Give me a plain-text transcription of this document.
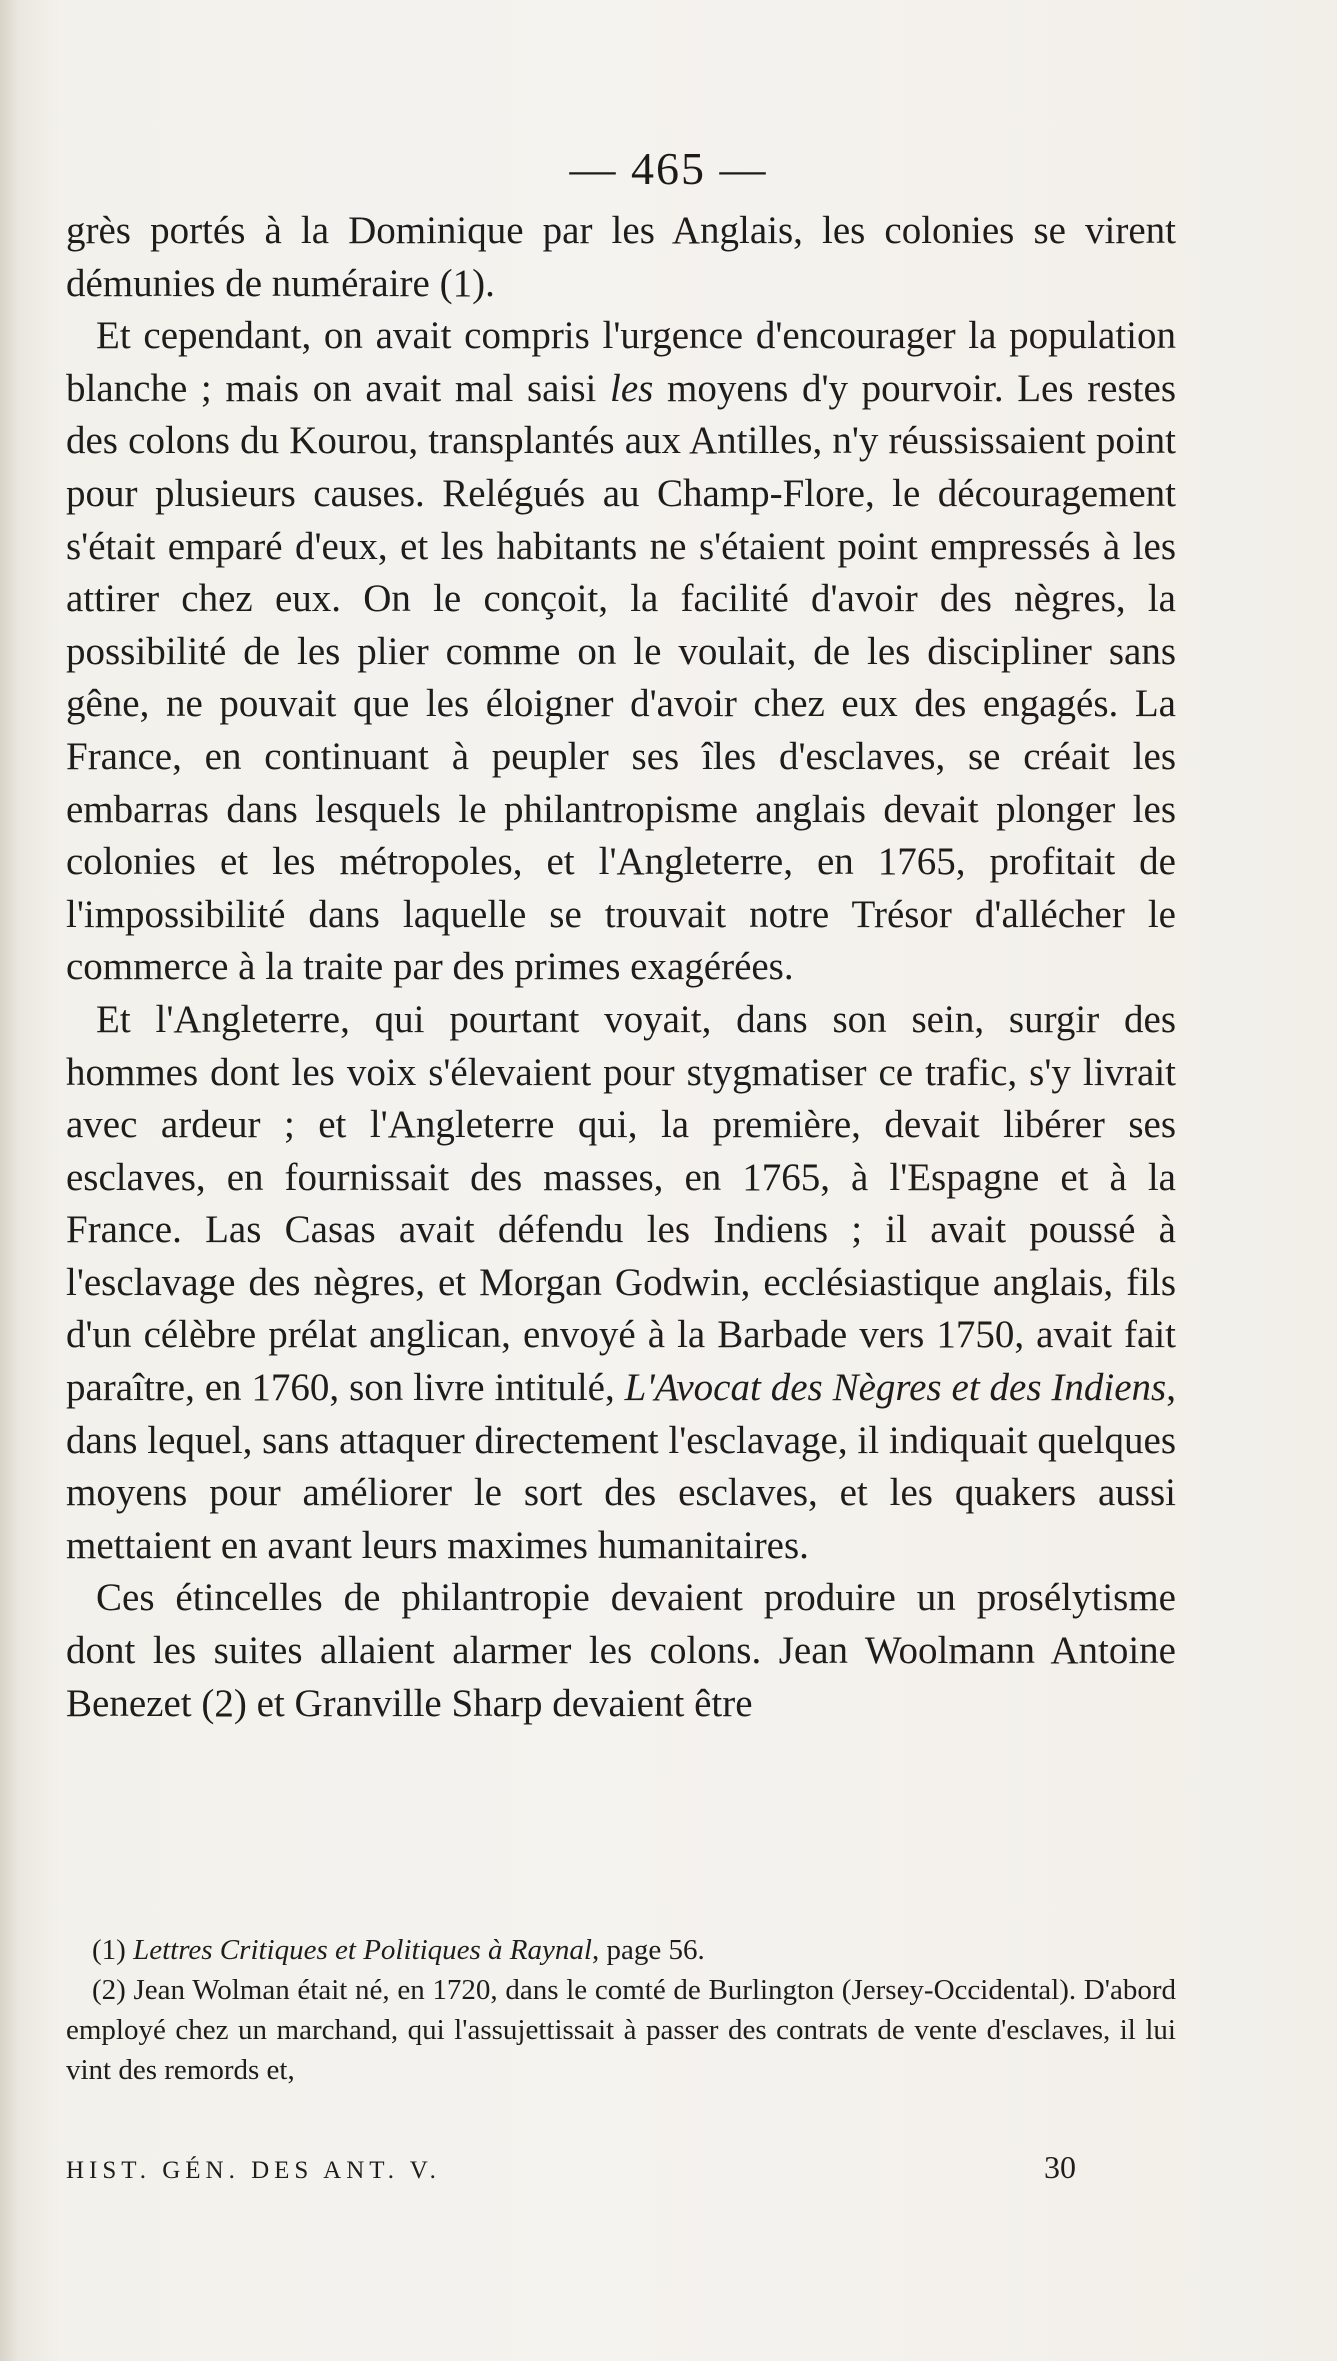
— 465 —

grès portés à la Dominique par les Anglais, les colonies se virent démunies de numéraire (1).

Et cependant, on avait compris l'urgence d'encourager la population blanche ; mais on avait mal saisi les moyens d'y pourvoir. Les restes des colons du Kourou, transplantés aux Antilles, n'y réussissaient point pour plusieurs causes. Relégués au Champ-Flore, le découragement s'était emparé d'eux, et les habitants ne s'étaient point empressés à les attirer chez eux. On le conçoit, la facilité d'avoir des nègres, la possibilité de les plier comme on le voulait, de les discipliner sans gêne, ne pouvait que les éloigner d'avoir chez eux des engagés. La France, en continuant à peupler ses îles d'esclaves, se créait les embarras dans lesquels le philantropisme anglais devait plonger les colonies et les métropoles, et l'Angleterre, en 1765, profitait de l'impossibilité dans laquelle se trouvait notre Trésor d'allécher le commerce à la traite par des primes exagérées.

Et l'Angleterre, qui pourtant voyait, dans son sein, surgir des hommes dont les voix s'élevaient pour stygmatiser ce trafic, s'y livrait avec ardeur ; et l'Angleterre qui, la première, devait libérer ses esclaves, en fournissait des masses, en 1765, à l'Espagne et à la France. Las Casas avait défendu les Indiens ; il avait poussé à l'esclavage des nègres, et Morgan Godwin, ecclésiastique anglais, fils d'un célèbre prélat anglican, envoyé à la Barbade vers 1750, avait fait paraître, en 1760, son livre intitulé, L'Avocat des Nègres et des Indiens, dans lequel, sans attaquer directement l'esclavage, il indiquait quelques moyens pour améliorer le sort des esclaves, et les quakers aussi mettaient en avant leurs maximes humanitaires.

Ces étincelles de philantropie devaient produire un prosélytisme dont les suites allaient alarmer les colons. Jean Woolmann Antoine Benezet (2) et Granville Sharp devaient être

(1) Lettres Critiques et Politiques à Raynal, page 56.

(2) Jean Wolman était né, en 1720, dans le comté de Burlington (Jersey-Occidental). D'abord employé chez un marchand, qui l'assujettissait à passer des contrats de vente d'esclaves, il lui vint des remords et,

HIST. GÉN. DES ANT. V.	30
